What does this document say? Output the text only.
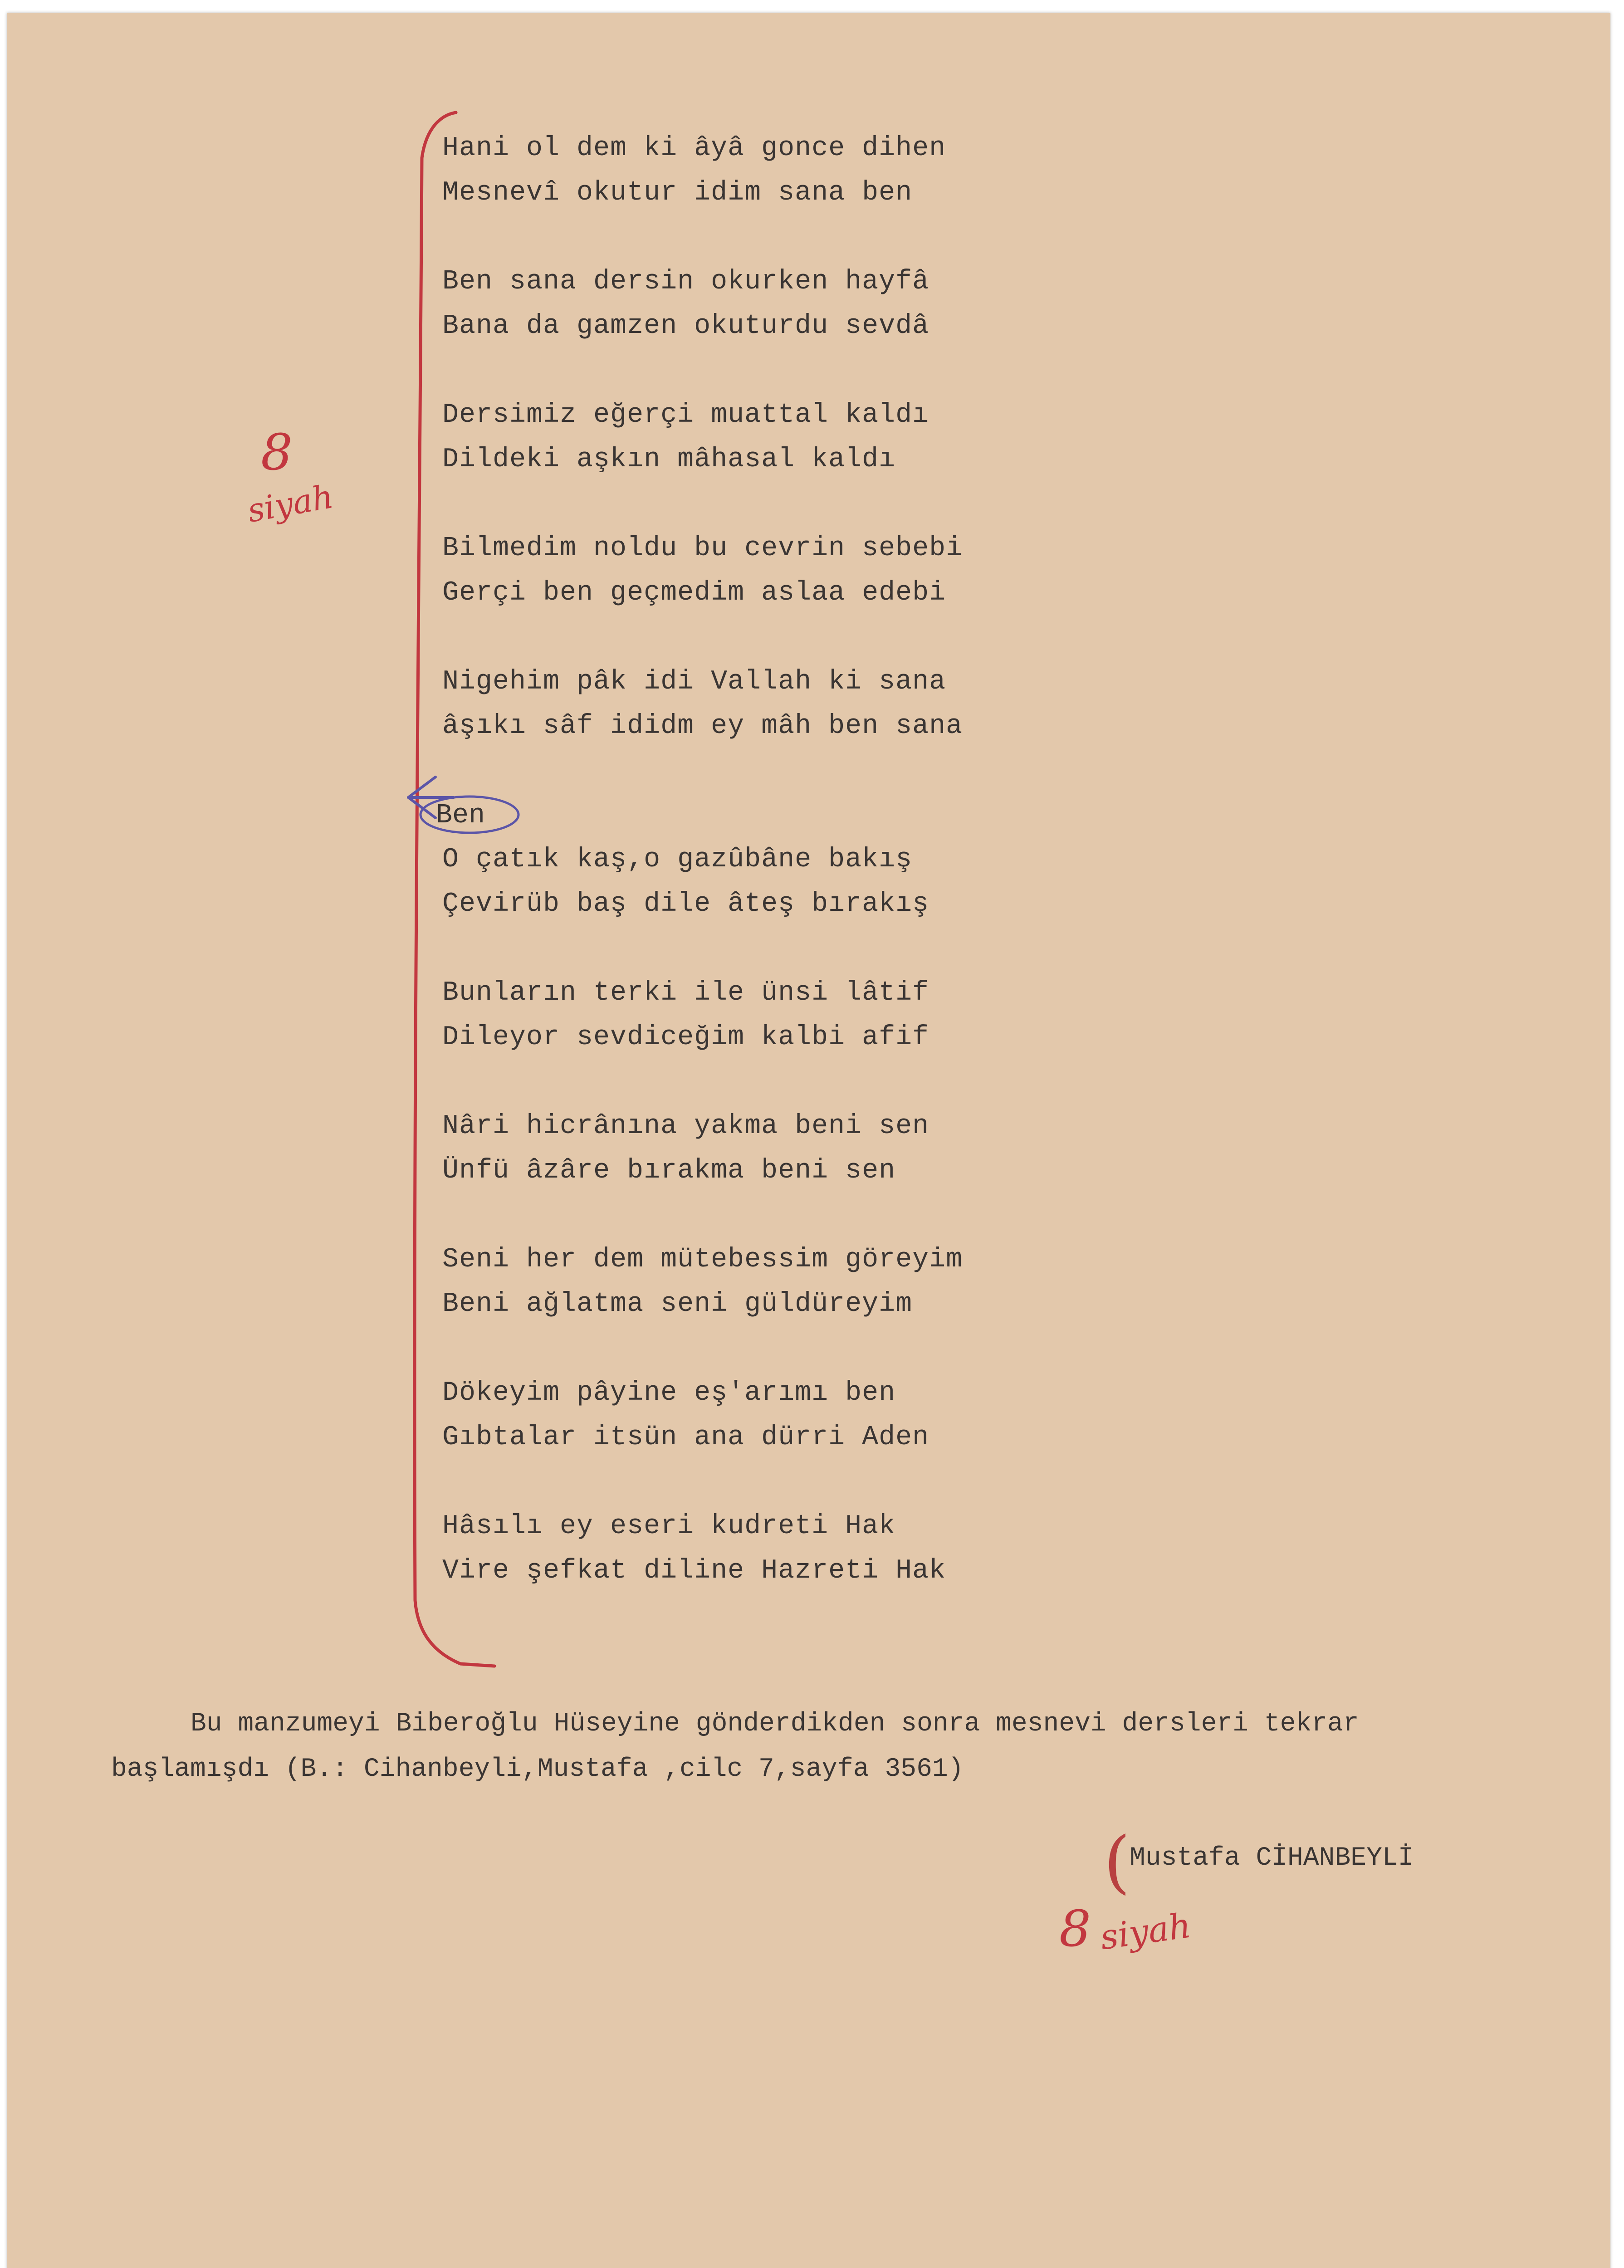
Hani ol dem ki âyâ gonce dihen
Mesnevî okutur idim sana ben
Ben sana dersin okurken hayfâ
Bana da gamzen okuturdu sevdâ
Dersimiz eğerçi muattal kaldı
Dildeki aşkın mâhasal kaldı
Bilmedim noldu bu cevrin sebebi
Gerçi ben geçmedim aslaa edebi
Nigehim pâk idi Vallah ki sana
âşıkı sâf ididm ey mâh ben sana
O çatık kaş,o gazûbâne bakış
Çevirüb baş dile âteş bırakış
Bunların terki ile ünsi lâtif
Dileyor sevdiceğim kalbi afif
Nâri hicrânına yakma beni sen
Ünfü âzâre bırakma beni sen
Seni her dem mütebessim göreyim
Beni ağlatma seni güldüreyim
Dökeyim pâyine eş'arımı ben
Gıbtalar itsün ana dürri Aden
Hâsılı ey eseri kudreti Hak
Vire şefkat diline Hazreti Hak
Ben
8
siyah
Bu manzumeyi Biberoğlu Hüseyine gönderdikden sonra mesnevi dersleri tekrar
başlamışdı (B.: Cihanbeyli,Mustafa ,cilc 7,sayfa 3561)
(
Mustafa CİHANBEYLİ
8 siyah
